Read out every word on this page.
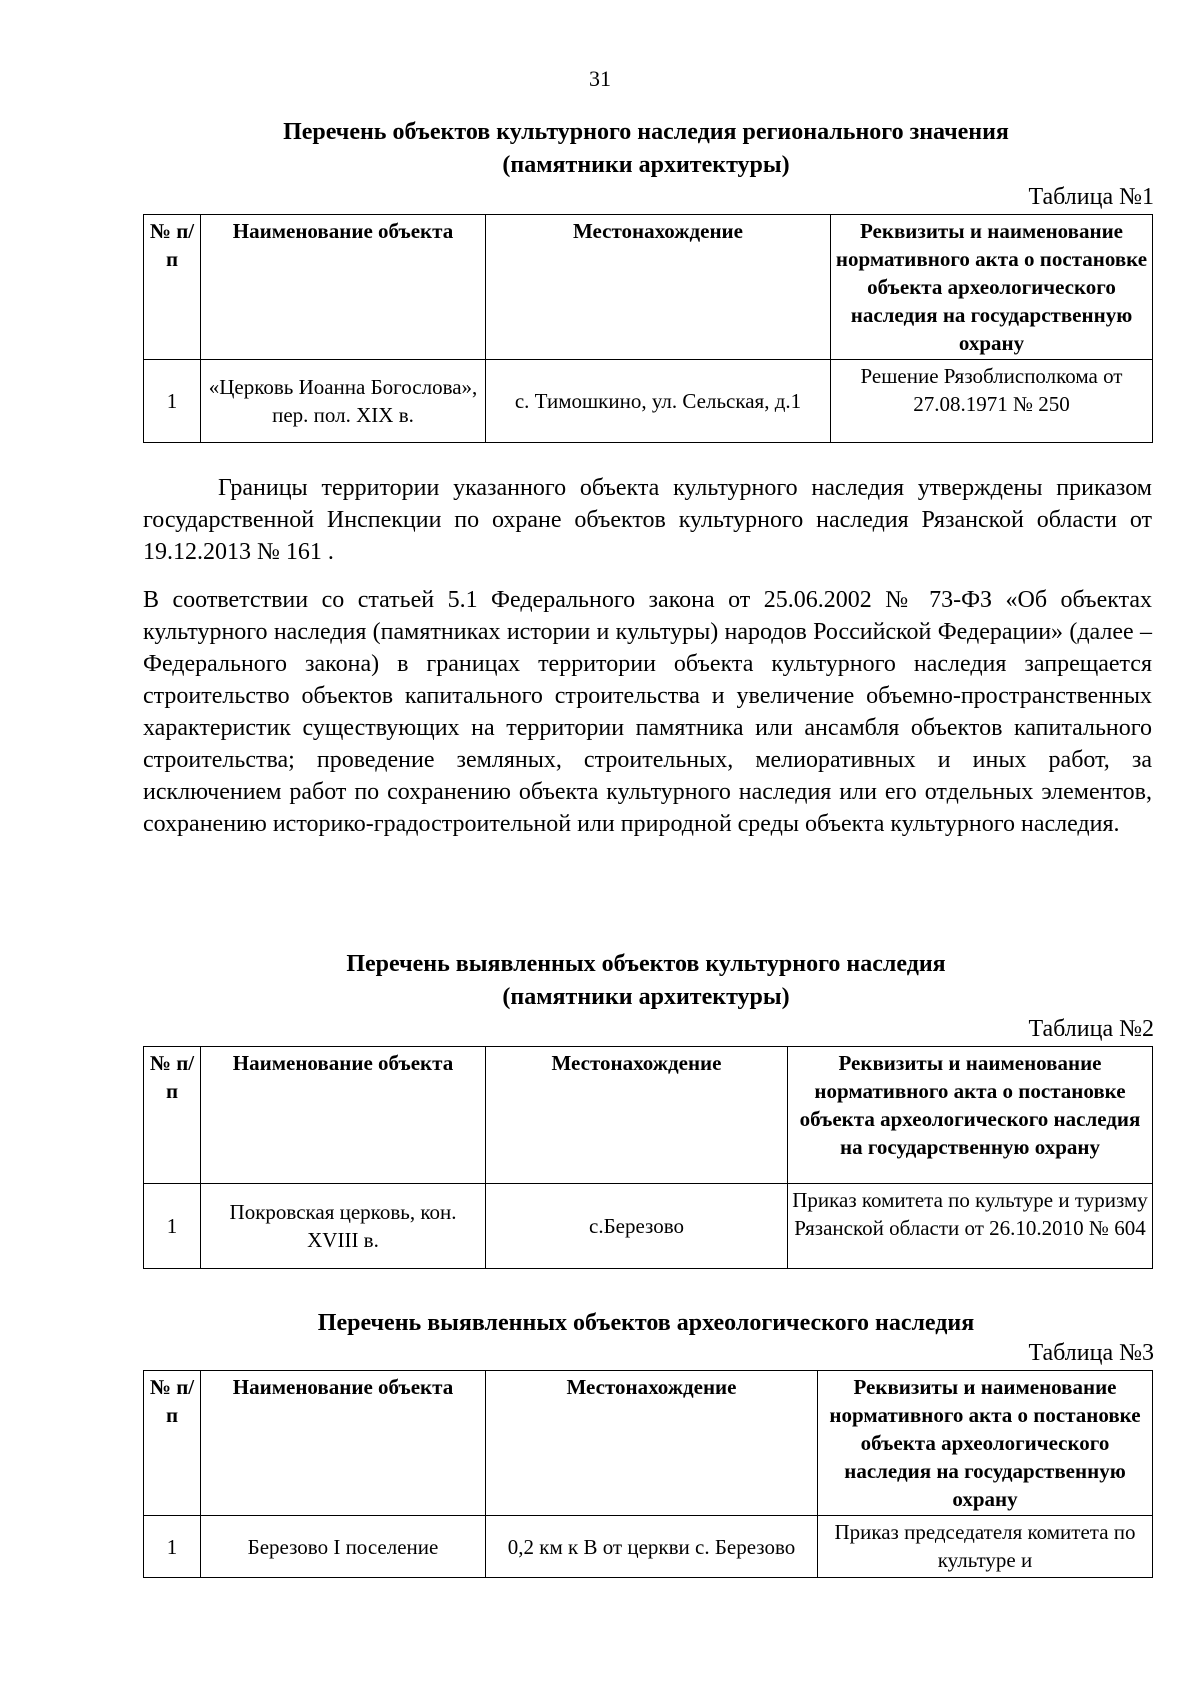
31
Перечень объектов культурного наследия регионального значения
(памятники архитектуры)
Таблица №1
№ п/п	Наименование объекта	Местонахождение	Реквизиты и наименование нормативного акта о постановке объекта археологического наследия на государственную охрану
1	«Церковь Иоанна Богослова», пер. пол. XIX в.	с. Тимошкино, ул. Сельская, д.1	Решение Рязоблисполкома от 27.08.1971 № 250

Границы территории указанного объекта культурного наследия утверждены приказом государственной Инспекции по охране объектов культурного наследия Рязанской области от 19.12.2013 № 161 .

В соответствии со статьей 5.1 Федерального закона от 25.06.2002 № 73-ФЗ «Об объектах культурного наследия (памятниках истории и культуры) народов Российской Федерации» (далее – Федерального закона) в границах территории объекта культурного наследия запрещается строительство объектов капитального строительства и увеличение объемно-пространственных характеристик существующих на территории памятника или ансамбля объектов капитального строительства; проведение земляных, строительных, мелиоративных и иных работ, за исключением работ по сохранению объекта культурного наследия или его отдельных элементов, сохранению историко-градостроительной или природной среды объекта культурного наследия.

Перечень выявленных объектов культурного наследия
(памятники архитектуры)
Таблица №2
№ п/п	Наименование объекта	Местонахождение	Реквизиты и наименование нормативного акта о постановке объекта археологического наследия на государственную охрану
1	Покровская церковь, кон. XVIII в.	с.Березово	Приказ комитета по культуре и туризму Рязанской области от 26.10.2010 № 604
Перечень выявленных объектов археологического наследия
Таблица №3
№ п/п	Наименование объекта	Местонахождение	Реквизиты и наименование нормативного акта о постановке объекта археологического наследия на государственную охрану
1	Березово I поселение	0,2 км к В от церкви с. Березово	Приказ председателя комитета по культуре и
